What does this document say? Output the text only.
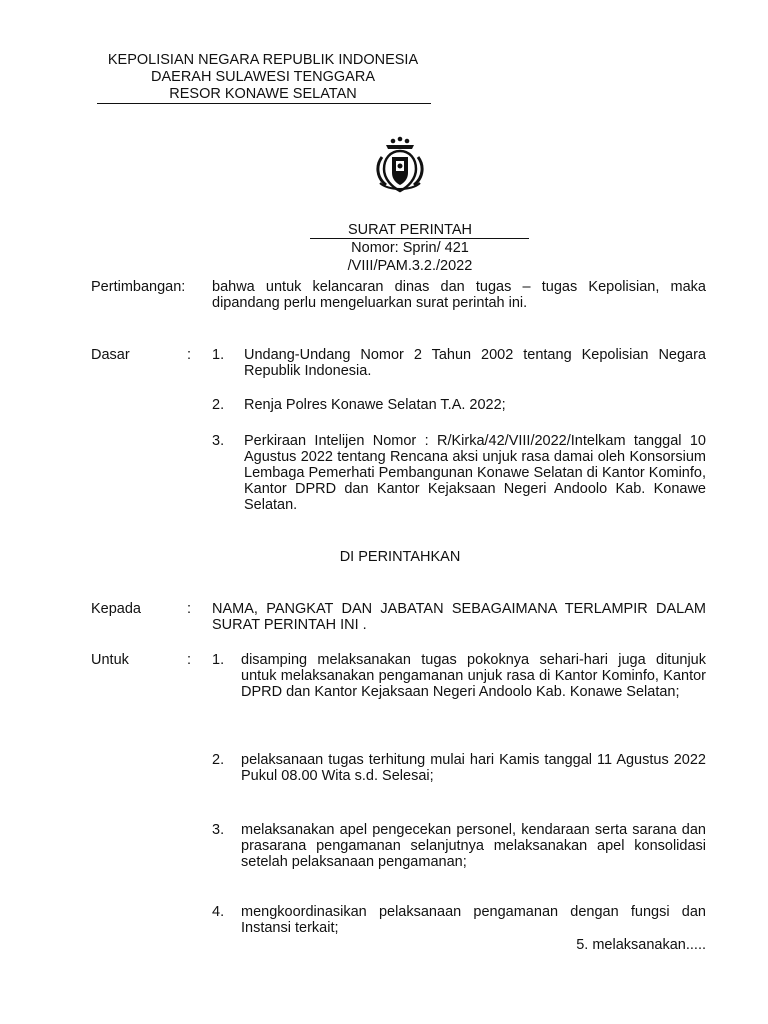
KEPOLISIAN NEGARA REPUBLIK INDONESIA
DAERAH SULAWESI TENGGARA
RESOR KONAWE SELATAN
SURAT PERINTAH
Nomor: Sprin/ 421 /VIII/PAM.3.2./2022
Pertimbangan: bahwa untuk kelancaran dinas dan tugas – tugas Kepolisian, maka dipandang perlu mengeluarkan surat perintah ini.
Dasar	: 1. Undang-Undang Nomor 2 Tahun 2002 tentang Kepolisian Negara Republik Indonesia.
2. Renja Polres Konawe Selatan T.A. 2022;
3. Perkiraan Intelijen Nomor : R/Kirka/42/VIII/2022/Intelkam tanggal 10 Agustus 2022 tentang Rencana aksi unjuk rasa damai oleh Konsorsium Lembaga Pemerhati Pembangunan Konawe Selatan di Kantor Kominfo, Kantor DPRD dan Kantor Kejaksaan Negeri Andoolo Kab. Konawe Selatan.
DI PERINTAHKAN
Kepada	: NAMA, PANGKAT DAN JABATAN SEBAGAIMANA TERLAMPIR DALAM SURAT PERINTAH INI .
Untuk	: 1. disamping melaksanakan tugas pokoknya sehari-hari juga ditunjuk untuk melaksanakan pengamanan unjuk rasa di Kantor Kominfo, Kantor DPRD dan Kantor Kejaksaan Negeri Andoolo Kab. Konawe Selatan;
2. pelaksanaan tugas terhitung mulai hari Kamis tanggal 11 Agustus 2022 Pukul 08.00 Wita s.d. Selesai;
3. melaksanakan apel pengecekan personel, kendaraan serta sarana dan prasarana pengamanan selanjutnya melaksanakan apel konsolidasi setelah pelaksanaan pengamanan;
4. mengkoordinasikan pelaksanaan pengamanan dengan fungsi dan Instansi terkait;
5. melaksanakan.....
